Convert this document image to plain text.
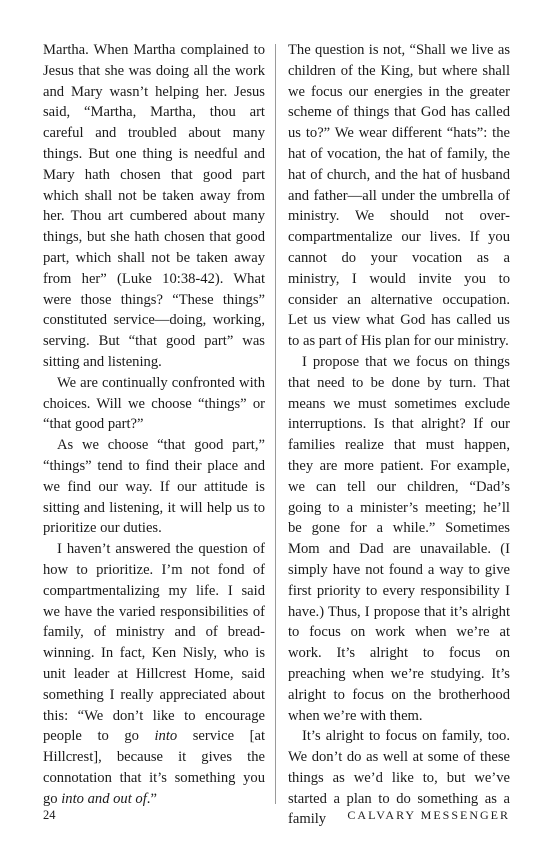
Martha. When Martha complained to Jesus that she was doing all the work and Mary wasn’t helping her. Jesus said, “Martha, Martha, thou art careful and troubled about many things. But one thing is needful and Mary hath chosen that good part which shall not be taken away from her. Thou art cumbered about many things, but she hath chosen that good part, which shall not be taken away from her” (Luke 10:38-42). What were those things? “These things” constituted service—doing, working, serving. But “that good part” was sitting and listening.

We are continually confronted with choices. Will we choose “things” or “that good part?”

As we choose “that good part,” “things” tend to find their place and we find our way. If our attitude is sitting and listening, it will help us to prioritize our duties.

I haven’t answered the question of how to prioritize. I’m not fond of compartmentalizing my life. I said we have the varied responsibilities of family, of ministry and of bread-winning. In fact, Ken Nisly, who is unit leader at Hillcrest Home, said something I really appreciated about this: “We don’t like to encourage people to go into service [at Hillcrest], because it gives the connotation that it’s something you go into and out of.”

The question is not, “Shall we live as children of the King, but where shall we focus our energies in the greater scheme of things that God has called us to?” We wear different “hats”: the hat of vocation, the hat of family, the hat of church, and the hat of husband and father—all under the umbrella of ministry. We should not over-compartmentalize our lives. If you cannot do your vocation as a ministry, I would invite you to consider an alternative occupation. Let us view what God has called us to as part of His plan for our ministry.

I propose that we focus on things that need to be done by turn. That means we must sometimes exclude interruptions. Is that alright? If our families realize that must happen, they are more patient. For example, we can tell our children, “Dad’s going to a minister’s meeting; he’ll be gone for a while.” Sometimes Mom and Dad are unavailable. (I simply have not found a way to give first priority to every responsibility I have.) Thus, I propose that it’s alright to focus on work when we’re at work. It’s alright to focus on preaching when we’re studying. It’s alright to focus on the brotherhood when we’re with them.

It’s alright to focus on family, too. We don’t do as well at some of these things as we’d like to, but we’ve started a plan to do something as a family

24	CALVARY MESSENGER
